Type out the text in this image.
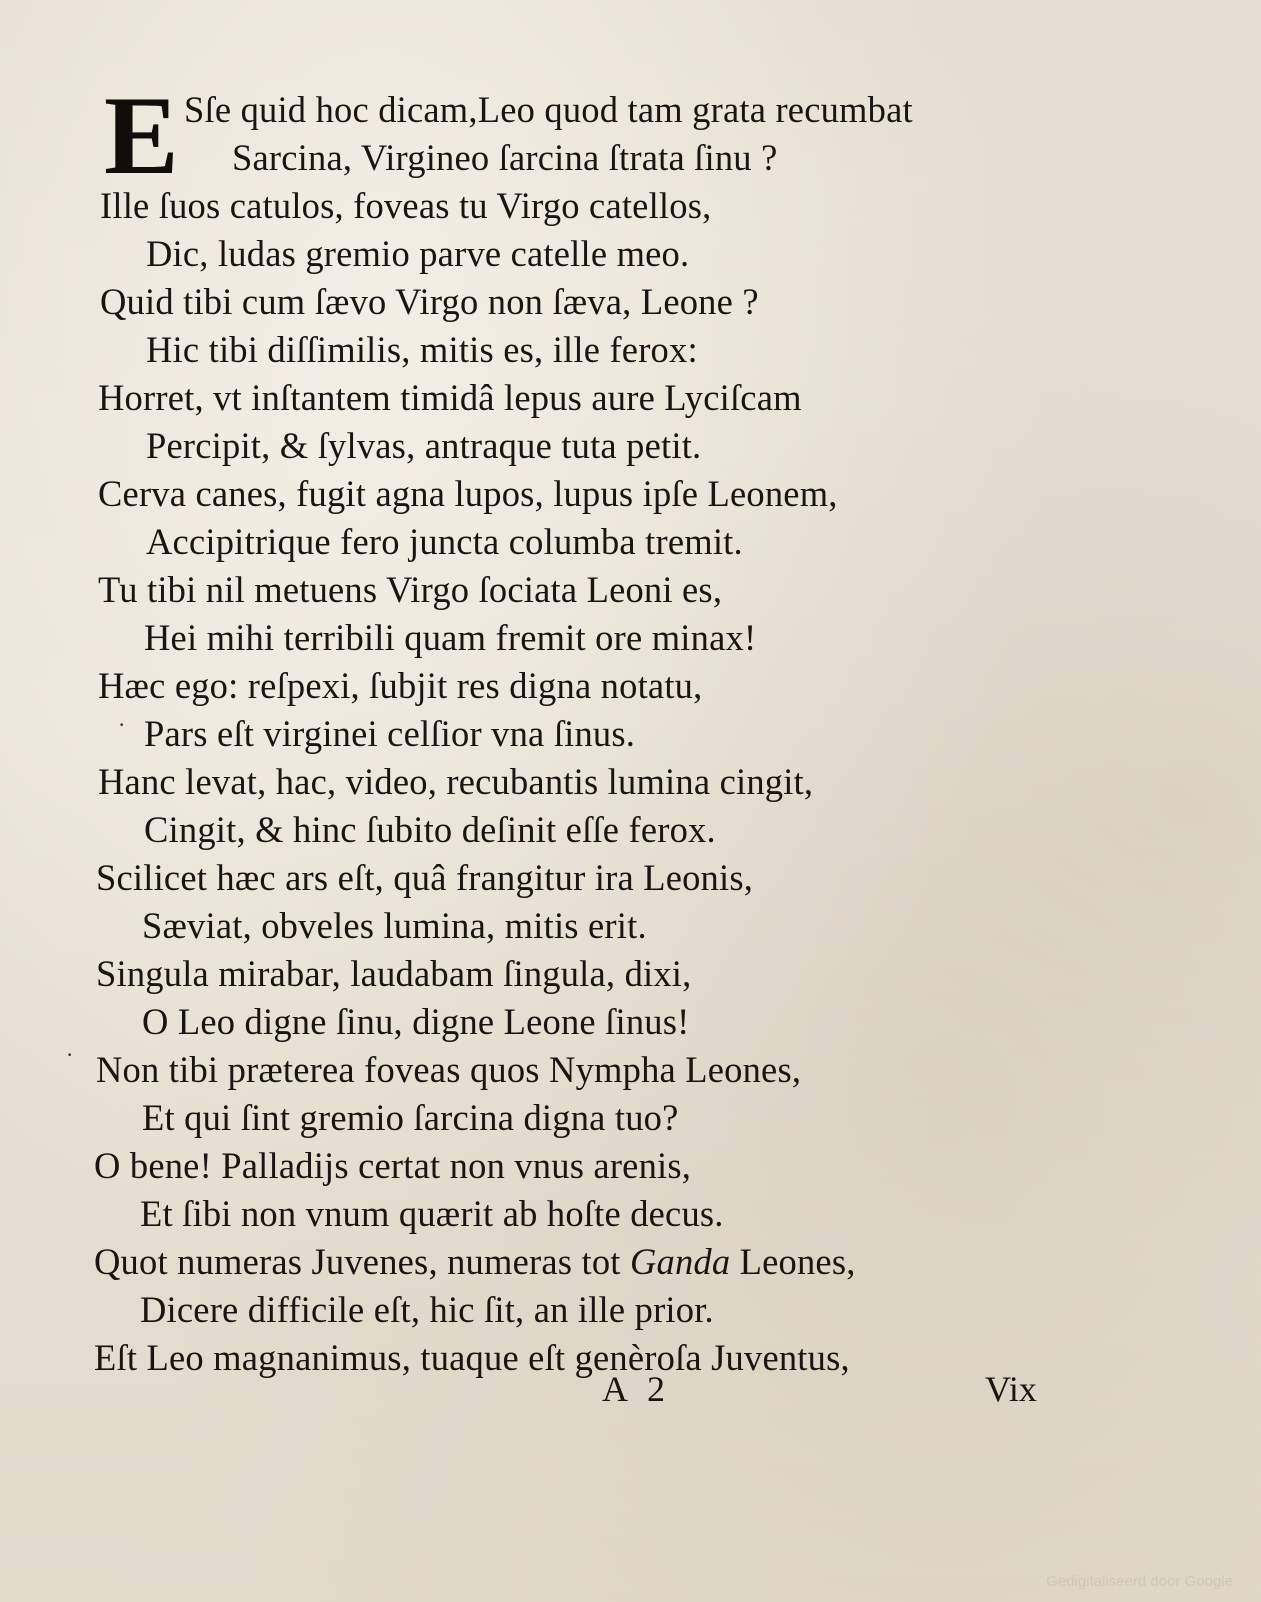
E Sſe quid hoc dicam,Leo quod tam grata recumbat
Sarcina, Virgineo ſarcina ſtrata ſinu ?
Ille ſuos catulos, foveas tu Virgo catellos,
Dic, ludas gremio parve catelle meo.
Quid tibi cum ſævo Virgo non ſæva, Leone ?
Hic tibi diſſimilis, mitis es, ille ferox:
Horret, vt inſtantem timidâ lepus aure Lyciſcam
Percipit, & ſylvas, antraque tuta petit.
Cerva canes, fugit agna lupos, lupus ipſe Leonem,
Accipitrique fero juncta columba tremit.
Tu tibi nil metuens Virgo ſociata Leoni es,
Hei mihi terribili quam fremit ore minax!
Hæc ego: reſpexi, ſubjit res digna notatu,
· Pars eſt virginei celſior vna ſinus.
Hanc levat, hac, video, recubantis lumina cingit,
Cingit, & hinc ſubito deſinit eſſe ferox.
Scilicet hæc ars eſt, quâ frangitur ira Leonis,
Sæviat, obveles lumina, mitis erit.
Singula mirabar, laudabam ſingula, dixi,
O Leo digne ſinu, digne Leone ſinus!
· Non tibi præterea foveas quos Nympha Leones,
Et qui ſint gremio ſarcina digna tuo?
O bene! Palladijs certat non vnus arenis,
Et ſibi non vnum quærit ab hoſte decus.
Quot numeras Juvenes, numeras tot Ganda Leones,
Dicere difficile eſt, hic ſit, an ille prior.
Eſt Leo magnanimus, tuaque eſt genèroſa Juventus,
A 2	Vix
Gedigitaliseerd door Google
